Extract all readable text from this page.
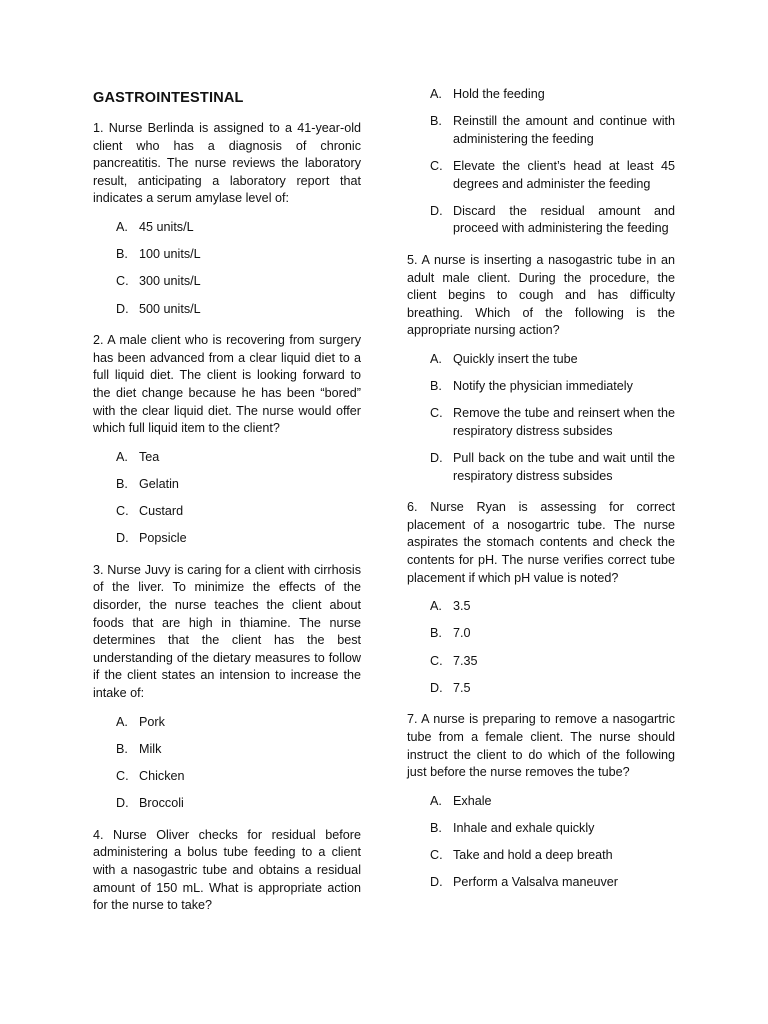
GASTROINTESTINAL

1. Nurse Berlinda is assigned to a 41-year-old client who has a diagnosis of chronic pancreatitis. The nurse reviews the laboratory result, anticipating a laboratory report that indicates a serum amylase level of:

A. 45 units/L
B. 100 units/L
C. 300 units/L
D. 500 units/L

2. A male client who is recovering from surgery has been advanced from a clear liquid diet to a full liquid diet. The client is looking forward to the diet change because he has been “bored” with the clear liquid diet. The nurse would offer which full liquid item to the client?

A. Tea
B. Gelatin
C. Custard
D. Popsicle

3. Nurse Juvy is caring for a client with cirrhosis of the liver. To minimize the effects of the disorder, the nurse teaches the client about foods that are high in thiamine. The nurse determines that the client has the best understanding of the dietary measures to follow if the client states an intension to increase the intake of:

A. Pork
B. Milk
C. Chicken
D. Broccoli

4. Nurse Oliver checks for residual before administering a bolus tube feeding to a client with a nasogastric tube and obtains a residual amount of 150 mL. What is appropriate action for the nurse to take?

A. Hold the feeding
B. Reinstill the amount and continue with administering the feeding
C. Elevate the client’s head at least 45 degrees and administer the feeding
D. Discard the residual amount and proceed with administering the feeding

5. A nurse is inserting a nasogastric tube in an adult male client. During the procedure, the client begins to cough and has difficulty breathing. Which of the following is the appropriate nursing action?

A. Quickly insert the tube
B. Notify the physician immediately
C. Remove the tube and reinsert when the respiratory distress subsides
D. Pull back on the tube and wait until the respiratory distress subsides

6. Nurse Ryan is assessing for correct placement of a nosogartric tube. The nurse aspirates the stomach contents and check the contents for pH. The nurse verifies correct tube placement if which pH value is noted?

A. 3.5
B. 7.0
C. 7.35
D. 7.5

7. A nurse is preparing to remove a nasogartric tube from a female client. The nurse should instruct the client to do which of the following just before the nurse removes the tube?

A. Exhale
B. Inhale and exhale quickly
C. Take and hold a deep breath
D. Perform a Valsalva maneuver
